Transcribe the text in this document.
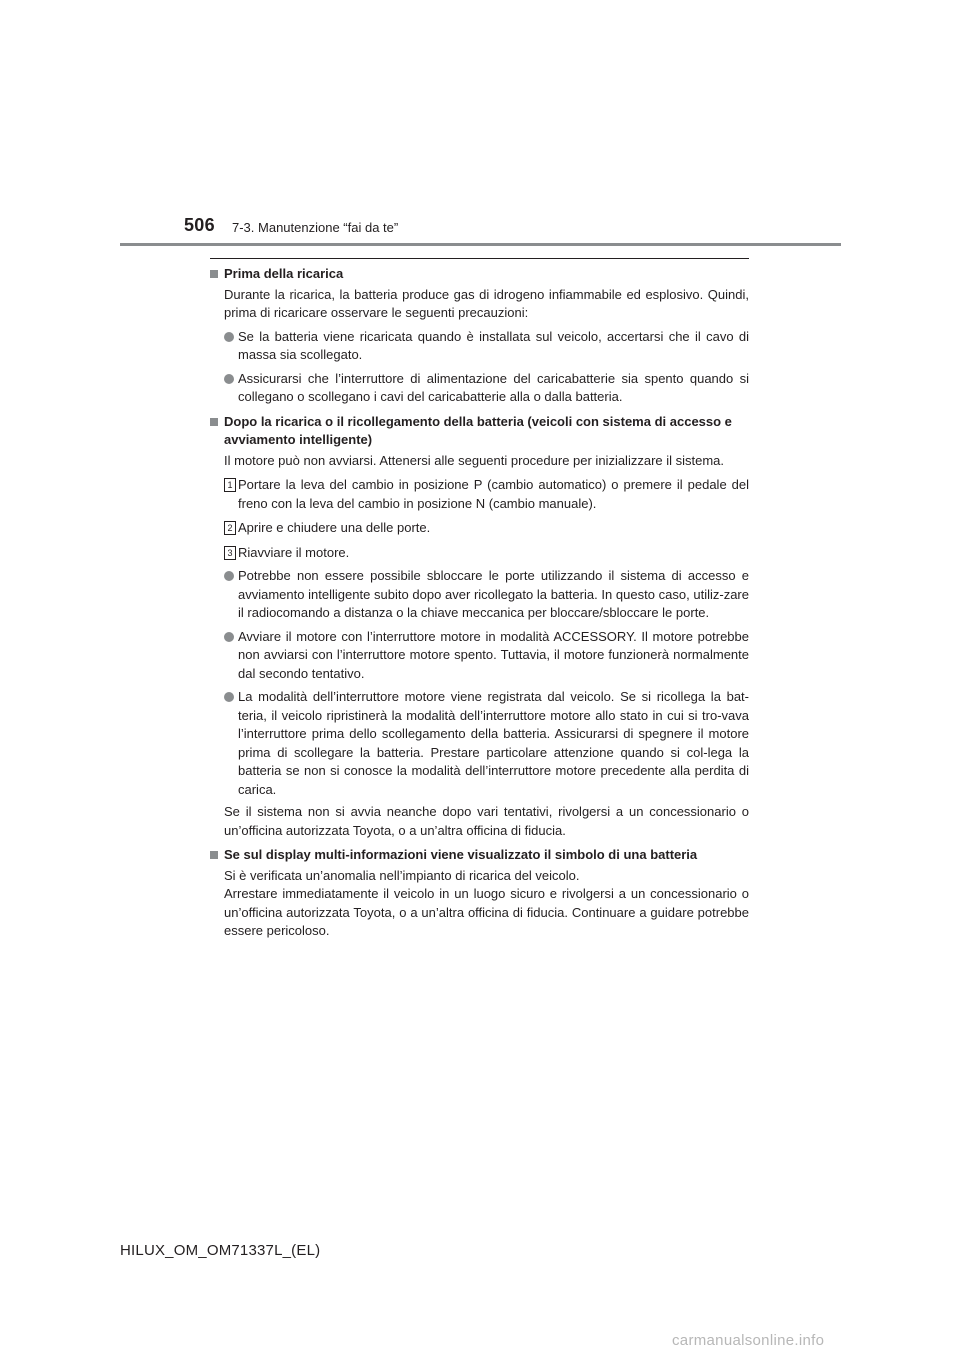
506 7-3. Manutenzione “fai da te”
Prima della ricarica
Durante la ricarica, la batteria produce gas di idrogeno infiammabile ed esplosivo. Quindi, prima di ricaricare osservare le seguenti precauzioni:
Se la batteria viene ricaricata quando è installata sul veicolo, accertarsi che il cavo di massa sia scollegato.
Assicurarsi che l’interruttore di alimentazione del caricabatterie sia spento quando si collegano o scollegano i cavi del caricabatterie alla o dalla batteria.
Dopo la ricarica o il ricollegamento della batteria (veicoli con sistema di accesso e avviamento intelligente)
Il motore può non avviarsi. Attenersi alle seguenti procedure per inizializzare il sistema.
1 Portare la leva del cambio in posizione P (cambio automatico) o premere il pedale del freno con la leva del cambio in posizione N (cambio manuale).
2 Aprire e chiudere una delle porte.
3 Riavviare il motore.
Potrebbe non essere possibile sbloccare le porte utilizzando il sistema di accesso e avviamento intelligente subito dopo aver ricollegato la batteria. In questo caso, utiliz-zare il radiocomando a distanza o la chiave meccanica per bloccare/sbloccare le porte.
Avviare il motore con l’interruttore motore in modalità ACCESSORY. Il motore potrebbe non avviarsi con l’interruttore motore spento. Tuttavia, il motore funzionerà normalmente dal secondo tentativo.
La modalità dell’interruttore motore viene registrata dal veicolo. Se si ricollega la bat-teria, il veicolo ripristinerà la modalità dell’interruttore motore allo stato in cui si tro-vava l’interruttore prima dello scollegamento della batteria. Assicurarsi di spegnere il motore prima di scollegare la batteria. Prestare particolare attenzione quando si col-lega la batteria se non si conosce la modalità dell’interruttore motore precedente alla perdita di carica.
Se il sistema non si avvia neanche dopo vari tentativi, rivolgersi a un concessionario o un’officina autorizzata Toyota, o a un’altra officina di fiducia.
Se sul display multi-informazioni viene visualizzato il simbolo di una batteria
Si è verificata un’anomalia nell’impianto di ricarica del veicolo.
Arrestare immediatamente il veicolo in un luogo sicuro e rivolgersi a un concessionario o un’officina autorizzata Toyota, o a un’altra officina di fiducia. Continuare a guidare potrebbe essere pericoloso.
HILUX_OM_OM71337L_(EL)
carmanualsonline.info
